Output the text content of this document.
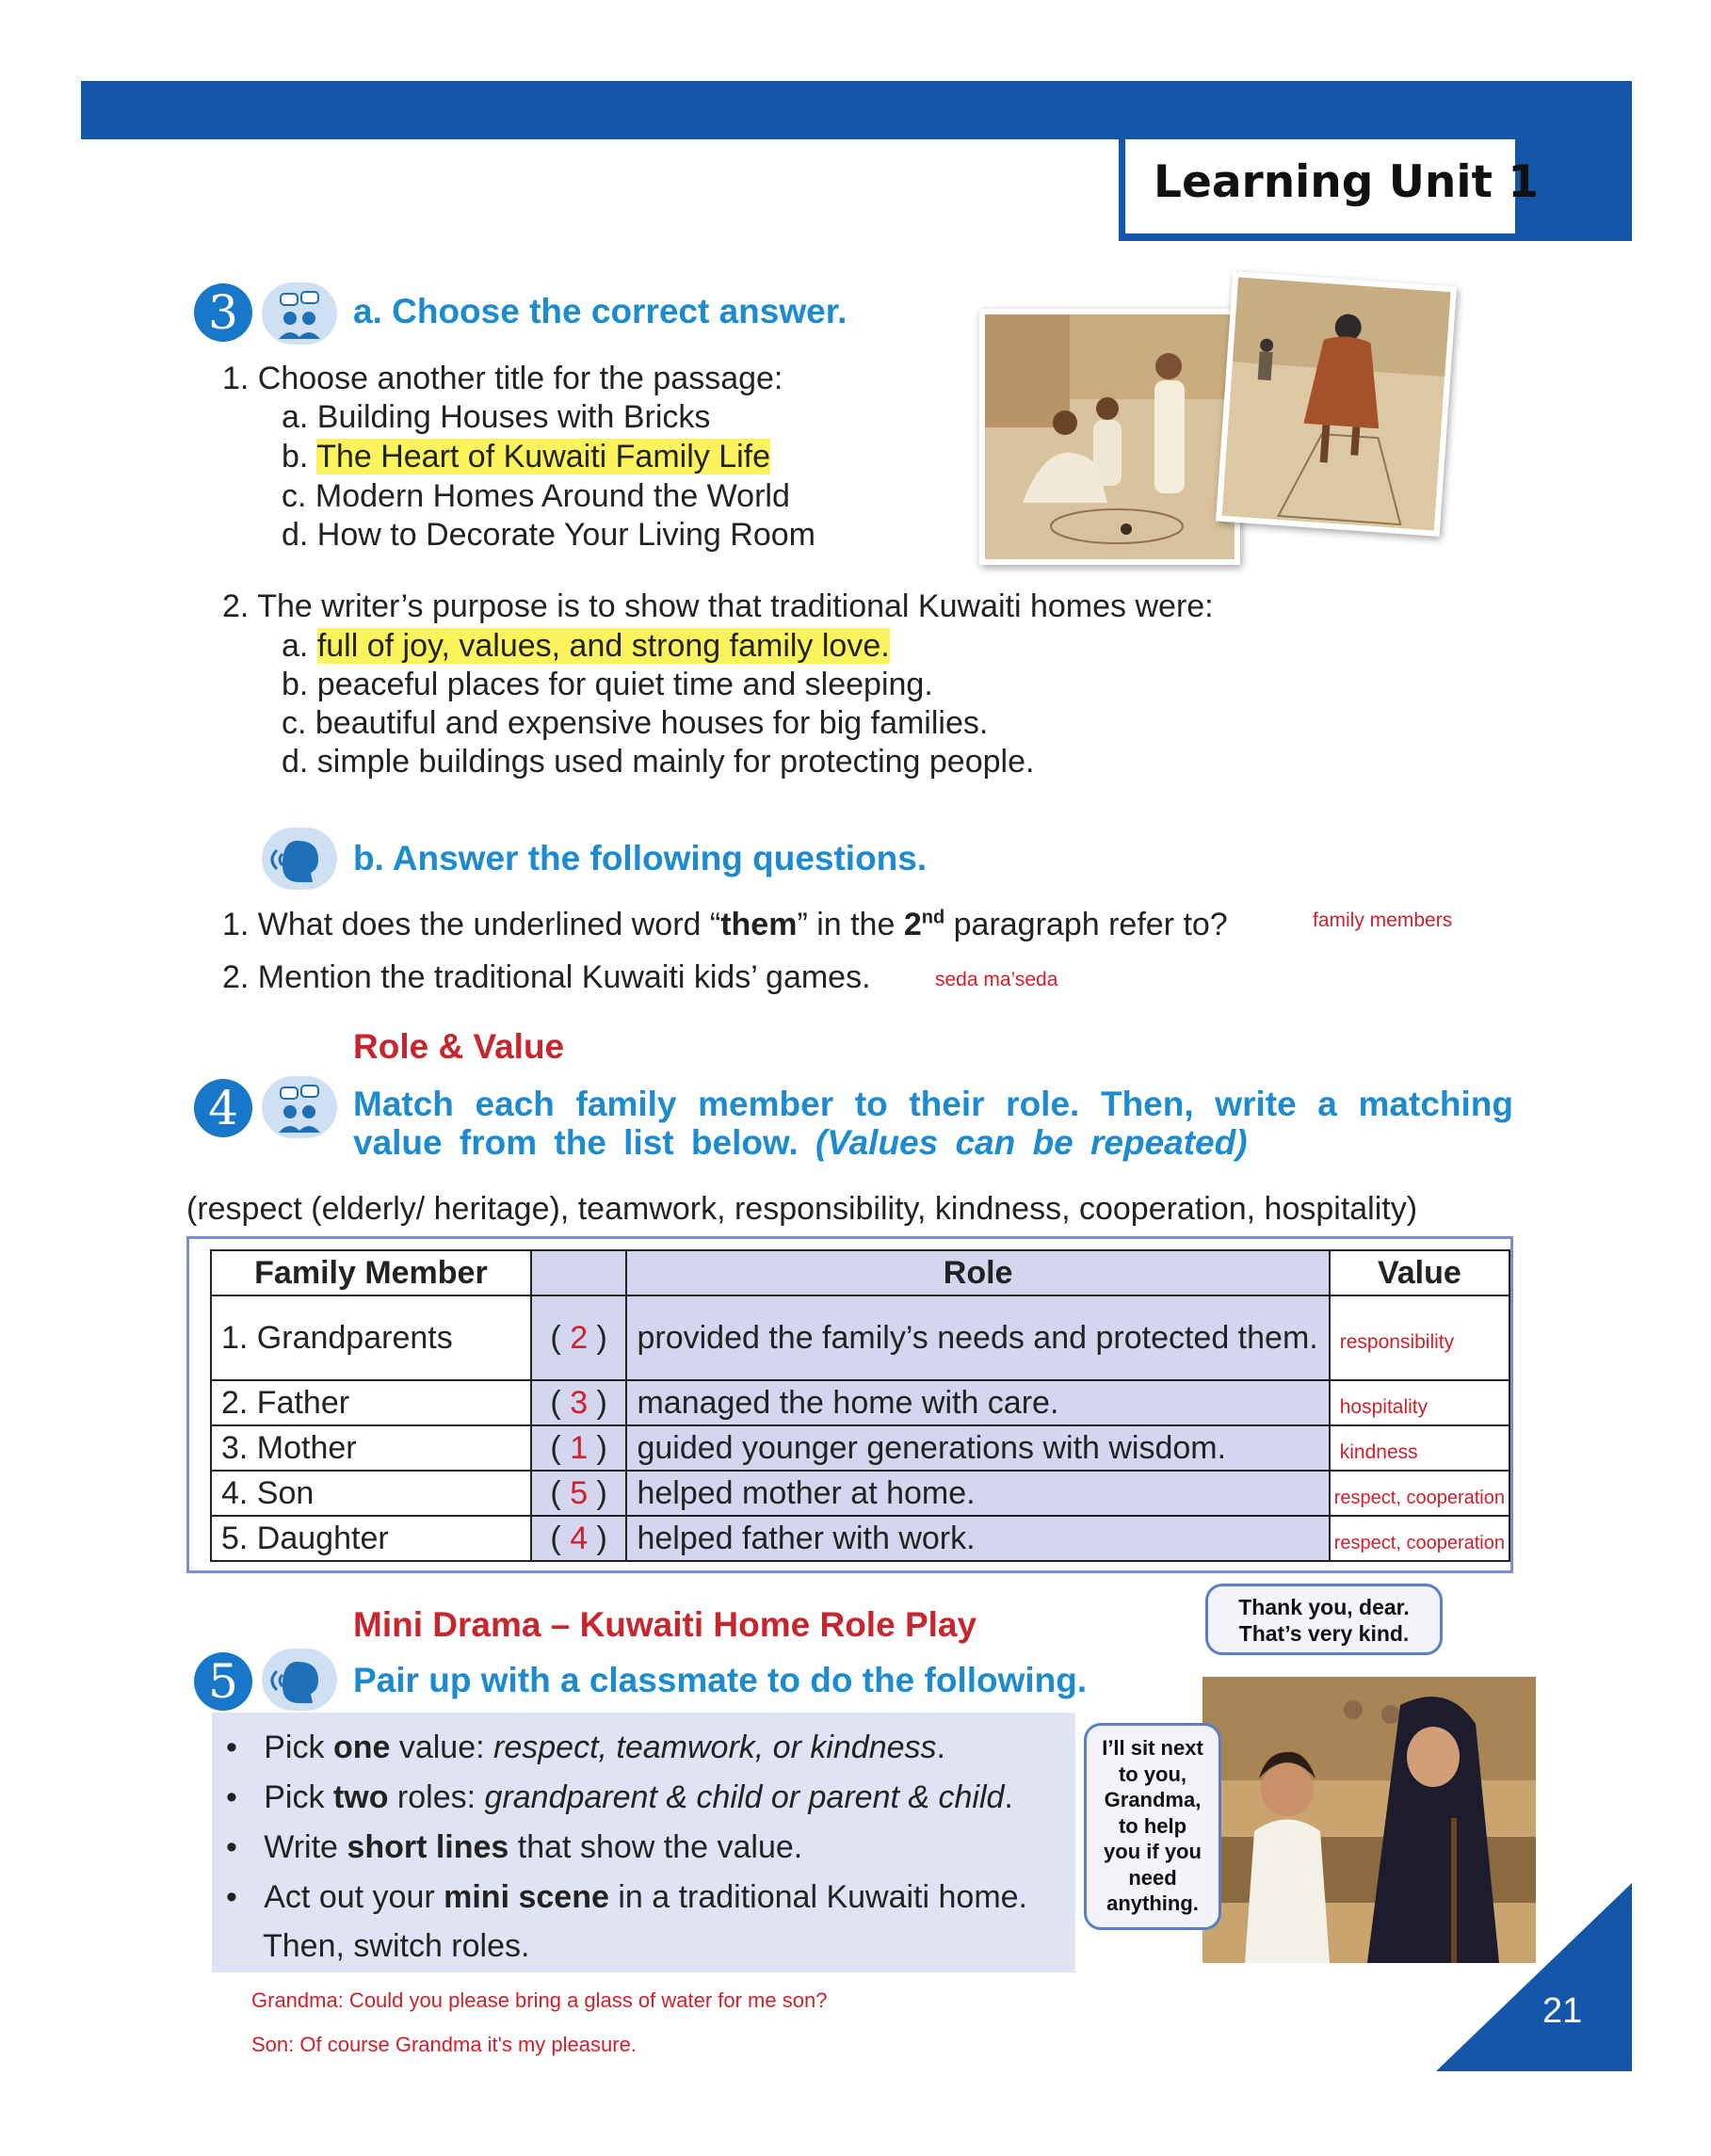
Learning Unit 1
3	a. Choose the correct answer.
1. Choose another title for the passage:
a. Building Houses with Bricks
b. The Heart of Kuwaiti Family Life
c. Modern Homes Around the World
d. How to Decorate Your Living Room
2. The writer’s purpose is to show that traditional Kuwaiti homes were:
a. full of joy, values, and strong family love.
b. peaceful places for quiet time and sleeping.
c. beautiful and expensive houses for big families.
d. simple buildings used mainly for protecting people.
b. Answer the following questions.
1. What does the underlined word “them” in the 2nd paragraph refer to?	family members
2. Mention the traditional Kuwaiti kids’ games.	seda ma’seda
Role & Value
4	Match each family member to their role. Then, write a matching
value from the list below. (Values can be repeated)
(respect (elderly/ heritage), teamwork, responsibility, kindness, cooperation, hospitality)
Family Member		Role	Value
1. Grandparents	( 2 )	provided the family’s needs and protected them.	responsibility
2. Father	( 3 )	managed the home with care.	hospitality
3. Mother	( 1 )	guided younger generations with wisdom.	kindness
4. Son	( 5 )	helped mother at home.	respect, cooperation
5. Daughter	( 4 )	helped father with work.	respect, cooperation
Mini Drama – Kuwaiti Home Role Play
5	Pair up with a classmate to do the following.
•   Pick one value: respect, teamwork, or kindness.
•   Pick two roles: grandparent & child or parent & child.
•   Write short lines that show the value.
•   Act out your mini scene in a traditional Kuwaiti home.
Then, switch roles.
Thank you, dear.
That’s very kind.
I’ll sit next
to you,
Grandma,
to help
you if you
need
anything.
Grandma: Could you please bring a glass of water for me son?
Son: Of course Grandma it's my pleasure.
21
